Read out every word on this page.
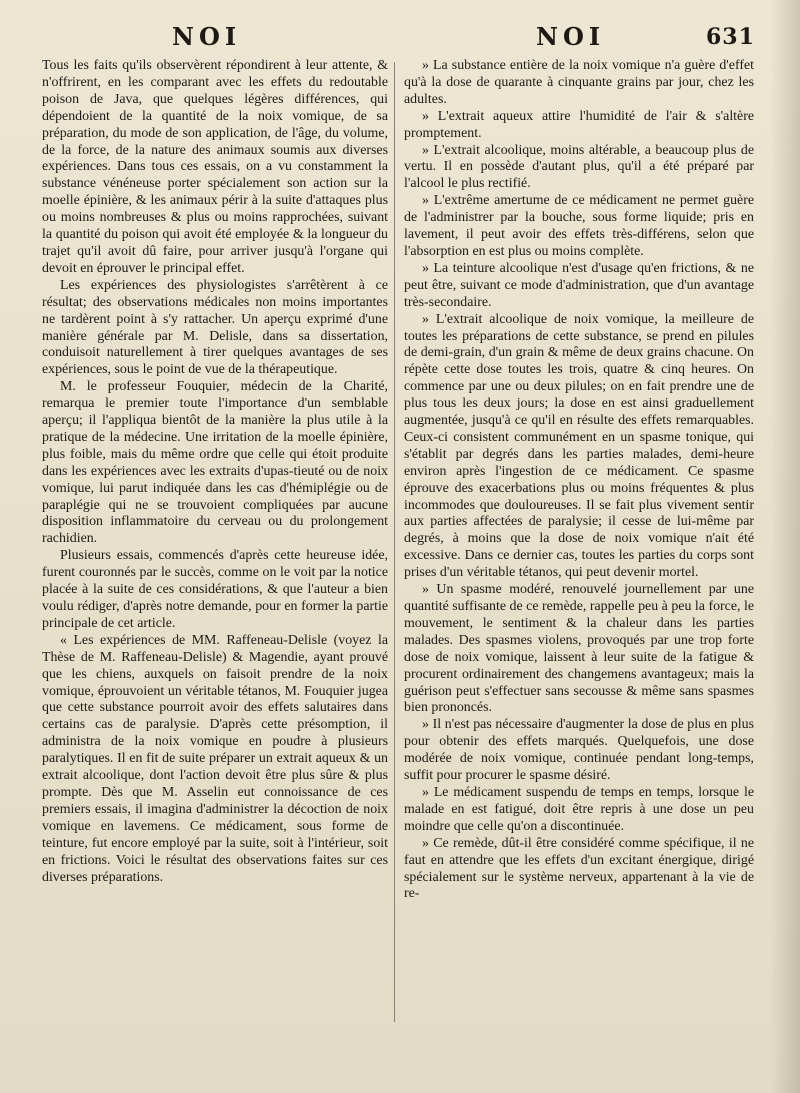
NOI	NOI	631

Tous les faits qu'ils observèrent répondirent à leur attente, & n'offrirent, en les comparant avec les effets du redoutable poison de Java, que quelques légères différences, qui dépendoient de la quantité de la noix vomique, de sa préparation, du mode de son application, de l'âge, du volume, de la force, de la nature des animaux soumis aux diverses expériences. Dans tous ces essais, on a vu constamment la substance vénéneuse porter spécialement son action sur la moelle épinière, & les animaux périr à la suite d'attaques plus ou moins nombreuses & plus ou moins rapprochées, suivant la quantité du poison qui avoit été employée & la longueur du trajet qu'il avoit dû faire, pour arriver jusqu'à l'organe qui devoit en éprouver le principal effet.

Les expériences des physiologistes s'arrêtèrent à ce résultat; des observations médicales non moins importantes ne tardèrent point à s'y rattacher. Un aperçu exprimé d'une manière générale par M. Delisle, dans sa dissertation, conduisoit naturellement à tirer quelques avantages de ses expériences, sous le point de vue de la thérapeutique.

M. le professeur Fouquier, médecin de la Charité, remarqua le premier toute l'importance d'un semblable aperçu; il l'appliqua bientôt de la manière la plus utile à la pratique de la médecine. Une irritation de la moelle épinière, plus foible, mais du même ordre que celle qui étoit produite dans les expériences avec les extraits d'upas-tieuté ou de noix vomique, lui parut indiquée dans les cas d'hémiplégie ou de paraplégie qui ne se trouvoient compliquées par aucune disposition inflammatoire du cerveau ou du prolongement rachidien.

Plusieurs essais, commencés d'après cette heureuse idée, furent couronnés par le succès, comme on le voit par la notice placée à la suite de ces considérations, & que l'auteur a bien voulu rédiger, d'après notre demande, pour en former la partie principale de cet article.

« Les expériences de MM. Raffeneau-Delisle (voyez la Thèse de M. Raffeneau-Delisle) & Magendie, ayant prouvé que les chiens, auxquels on faisoit prendre de la noix vomique, éprouvoient un véritable tétanos, M. Fouquier jugea que cette substance pourroit avoir des effets salutaires dans certains cas de paralysie. D'après cette présomption, il administra de la noix vomique en poudre à plusieurs paralytiques. Il en fit de suite préparer un extrait aqueux & un extrait alcoolique, dont l'action devoit être plus sûre & plus prompte. Dès que M. Asselin eut connoissance de ces premiers essais, il imagina d'administrer la décoction de noix vomique en lavemens. Ce médicament, sous forme de teinture, fut encore employé par la suite, soit à l'intérieur, soit en frictions. Voici le résultat des observations faites sur ces diverses préparations.

» La substance entière de la noix vomique n'a guère d'effet qu'à la dose de quarante à cinquante grains par jour, chez les adultes.

» L'extrait aqueux attire l'humidité de l'air & s'altère promptement.

» L'extrait alcoolique, moins altérable, a beaucoup plus de vertu. Il en possède d'autant plus, qu'il a été préparé par l'alcool le plus rectifié.

» L'extrême amertume de ce médicament ne permet guère de l'administrer par la bouche, sous forme liquide; pris en lavement, il peut avoir des effets très-différens, selon que l'absorption en est plus ou moins complète.

» La teinture alcoolique n'est d'usage qu'en frictions, & ne peut être, suivant ce mode d'administration, que d'un avantage très-secondaire.

» L'extrait alcoolique de noix vomique, la meilleure de toutes les préparations de cette substance, se prend en pilules de demi-grain, d'un grain & même de deux grains chacune. On répète cette dose toutes les trois, quatre & cinq heures. On commence par une ou deux pilules; on en fait prendre une de plus tous les deux jours; la dose en est ainsi graduellement augmentée, jusqu'à ce qu'il en résulte des effets remarquables. Ceux-ci consistent communément en un spasme tonique, qui s'établit par degrés dans les parties malades, demi-heure environ après l'ingestion de ce médicament. Ce spasme éprouve des exacerbations plus ou moins fréquentes & plus incommodes que douloureuses. Il se fait plus vivement sentir aux parties affectées de paralysie; il cesse de lui-même par degrés, à moins que la dose de noix vomique n'ait été excessive. Dans ce dernier cas, toutes les parties du corps sont prises d'un véritable tétanos, qui peut devenir mortel.

» Un spasme modéré, renouvelé journellement par une quantité suffisante de ce remède, rappelle peu à peu la force, le mouvement, le sentiment & la chaleur dans les parties malades. Des spasmes violens, provoqués par une trop forte dose de noix vomique, laissent à leur suite de la fatigue & procurent ordinairement des changemens avantageux; mais la guérison peut s'effectuer sans secousse & même sans spasmes bien prononcés.

» Il n'est pas nécessaire d'augmenter la dose de plus en plus pour obtenir des effets marqués. Quelquefois, une dose modérée de noix vomique, continuée pendant long-temps, suffit pour procurer le spasme désiré.

» Le médicament suspendu de temps en temps, lorsque le malade en est fatigué, doit être repris à une dose un peu moindre que celle qu'on a discontinuée.

» Ce remède, dût-il être considéré comme spécifique, il ne faut en attendre que les effets d'un excitant énergique, dirigé spécialement sur le système nerveux, appartenant à la vie de re-
